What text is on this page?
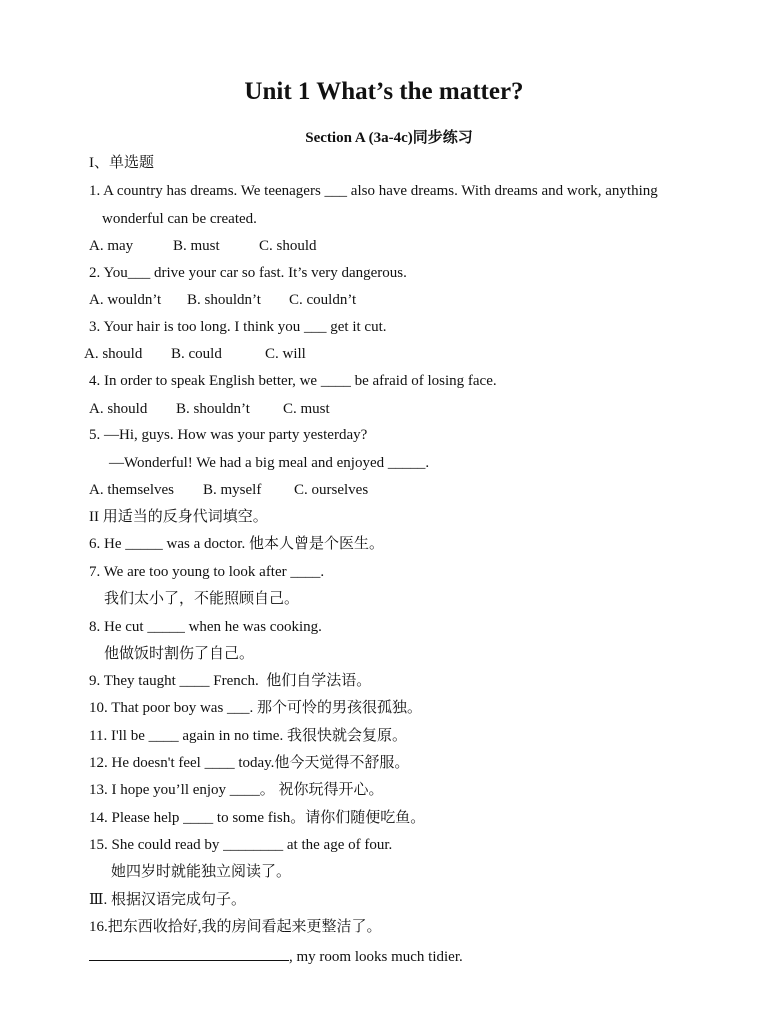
Unit 1 What’s the matter?
Section A (3a-4c)同步练习
I、单选题
1. A country has dreams. We teenagers ___ also have dreams. With dreams and work, anything
wonderful can be created.
A. may	B. must	C. should
2. You___ drive your car so fast. It’s very dangerous.
A. wouldn’t B. shouldn’t C. couldn’t
3. Your hair is too long. I think you ___ get it cut.
A. should B. could	C. will
4. In order to speak English better, we ____ be afraid of losing face.
A. should B. shouldn’t C. must
5. —Hi, guys. How was your party yesterday?
—Wonderful! We had a big meal and enjoyed _____.
A. themselves B. myself C. ourselves
II 用适当的反身代词填空。
6. He _____ was a doctor. 他本人曾是个医生。
7. We are too young to look after ____.
我们太小了，不能照顾自己。
8. He cut _____ when he was cooking.
他做饭时割伤了自己。
9. They taught ____ French.  他们自学法语。
10. That poor boy was ___. 那个可怜的男孩很孤独。
11. I'll be ____ again in no time. 我很快就会复原。
12. He doesn't feel ____ today.他今天觉得不舒服。
13. I hope you’ll enjoy ____。 祝你玩得开心。
14. Please help ____ to some fish。请你们随便吃鱼。
15. She could read by ________ at the age of four.
她四岁时就能独立阅读了。
Ⅲ. 根据汉语完成句子。
16.把东西收拾好,我的房间看起来更整洁了。
, my room looks much tidier.
